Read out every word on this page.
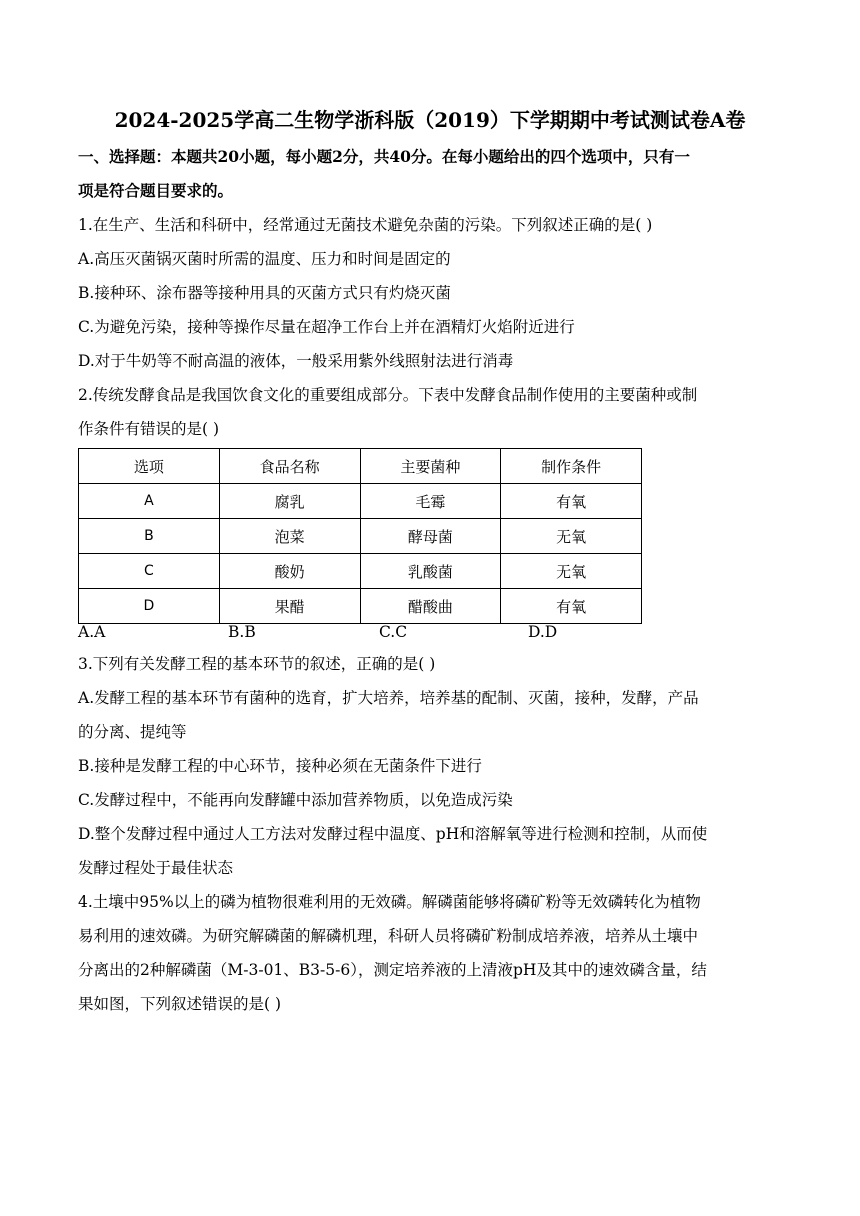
2024-2025学高二生物学浙科版（2019）下学期期中考试测试卷A卷
一、选择题：本题共20小题，每小题2分，共40分。在每小题给出的四个选项中，只有一
项是符合题目要求的。
1.在生产、生活和科研中，经常通过无菌技术避免杂菌的污染。下列叙述正确的是( )
A.高压灭菌锅灭菌时所需的温度、压力和时间是固定的
B.接种环、涂布器等接种用具的灭菌方式只有灼烧灭菌
C.为避免污染，接种等操作尽量在超净工作台上并在酒精灯火焰附近进行
D.对于牛奶等不耐高温的液体，一般采用紫外线照射法进行消毒
2.传统发酵食品是我国饮食文化的重要组成部分。下表中发酵食品制作使用的主要菌种或制
作条件有错误的是( )
选项	食品名称	主要菌种	制作条件
A	腐乳	毛霉	有氧
B	泡菜	酵母菌	无氧
C	酸奶	乳酸菌	无氧
D	果醋	醋酸曲	有氧
A.A	B.B	C.C	D.D
3.下列有关发酵工程的基本环节的叙述，正确的是( )
A.发酵工程的基本环节有菌种的选育，扩大培养，培养基的配制、灭菌，接种，发酵，产品
的分离、提纯等
B.接种是发酵工程的中心环节，接种必须在无菌条件下进行
C.发酵过程中，不能再向发酵罐中添加营养物质，以免造成污染
D.整个发酵过程中通过人工方法对发酵过程中温度、pH和溶解氧等进行检测和控制，从而使
发酵过程处于最佳状态
4.土壤中95%以上的磷为植物很难利用的无效磷。解磷菌能够将磷矿粉等无效磷转化为植物
易利用的速效磷。为研究解磷菌的解磷机理，科研人员将磷矿粉制成培养液，培养从土壤中
分离出的2种解磷菌（M-3-01、B3-5-6），测定培养液的上清液pH及其中的速效磷含量，结
果如图，下列叙述错误的是( )
